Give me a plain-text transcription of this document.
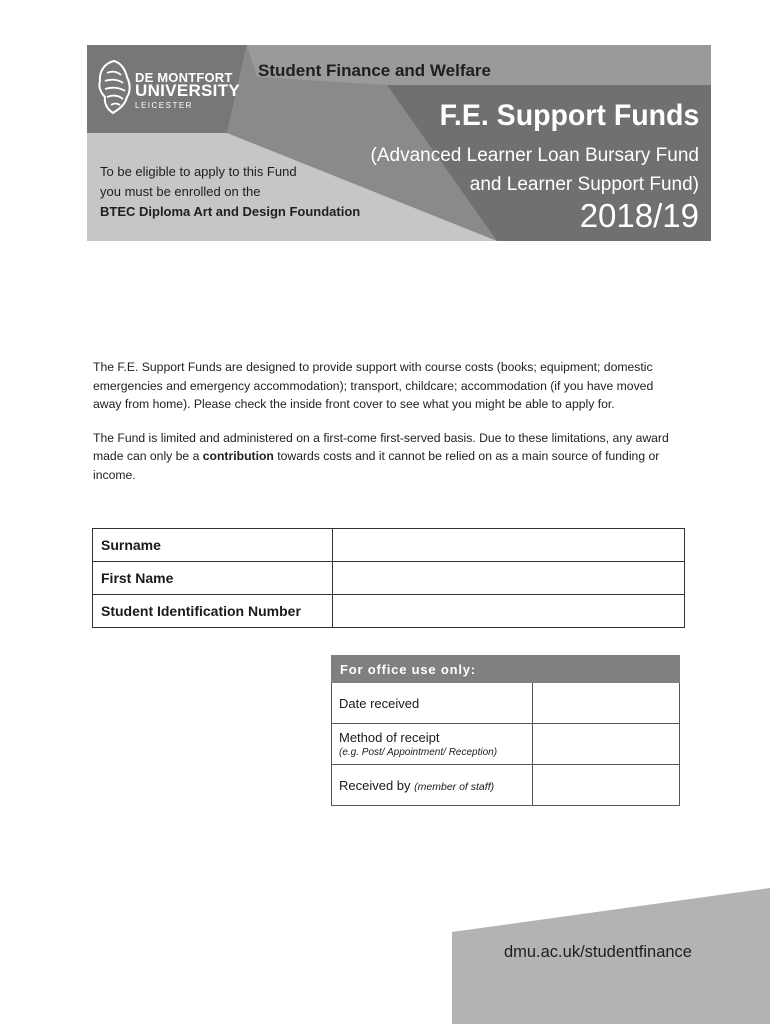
DE MONTFORT
UNIVERSITY
LEICESTER
Student Finance and Welfare
F.E. Support Funds
(Advanced Learner Loan Bursary Fund
and Learner Support Fund)
2018/19
To be eligible to apply to this Fund
you must be enrolled on the
BTEC Diploma Art and Design Foundation

The F.E. Support Funds are designed to provide support with course costs (books; equipment; domestic emergencies and emergency accommodation); transport, childcare; accommodation (if you have moved away from home). Please check the inside front cover to see what you might be able to apply for.

The Fund is limited and administered on a first-come first-served basis. Due to these limitations, any award made can only be a contribution towards costs and it cannot be relied on as a main source of funding or income.

Surname	
First Name	
Student Identification Number	
For office use only:	
Date received	
Method of receipt
(e.g. Post/ Appointment/ Reception)	

Received by (member of staff)	
dmu.ac.uk/studentfinance
